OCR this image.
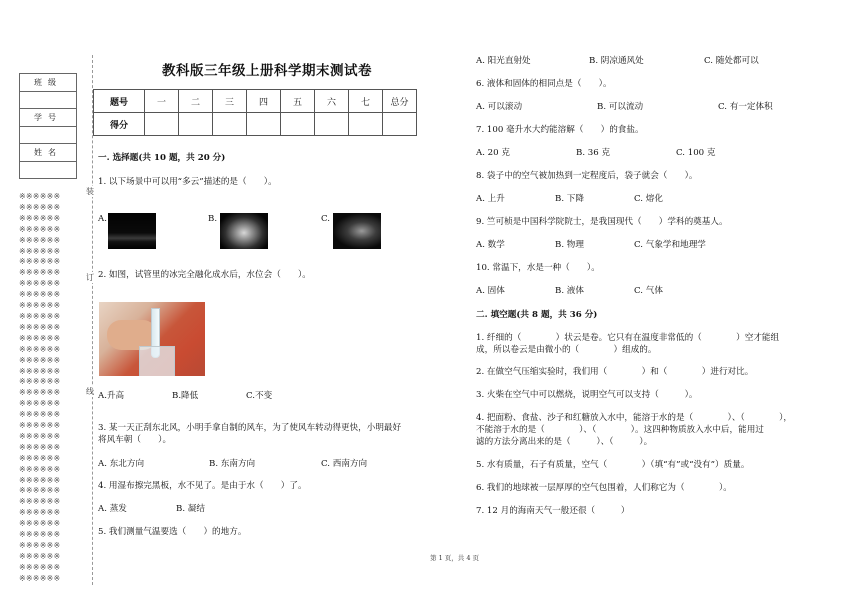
班级

学号

姓名

※※※※※※
※※※※※※
※※※※※※
※※※※※※
※※※※※※
※※※※※※
※※※※※※
※※※※※※
※※※※※※
※※※※※※
※※※※※※
※※※※※※
※※※※※※
※※※※※※
※※※※※※
※※※※※※
※※※※※※
※※※※※※
※※※※※※
※※※※※※
※※※※※※
※※※※※※
※※※※※※
※※※※※※
※※※※※※
※※※※※※
※※※※※※
※※※※※※
※※※※※※
※※※※※※
※※※※※※
※※※※※※
※※※※※※
※※※※※※
※※※※※※
※※※※※※
装
订
线
教科版三年级上册科学期末测试卷
题号	一	二	三	四	五	六	七	总分
得分								
一. 选择题(共 10 题，共 20 分)
1. 以下场景中可以用“多云”描述的是（　　）。
A.	B.	C.
2. 如图，试管里的冰完全融化成水后，水位会（　　）。
A.升高	B.降低	C.不变
3. 某一天正刮东北风，小明手拿自制的风车，为了使风车转动得更快，小明最好
将风车朝（　　）。
A. 东北方向	B. 东南方向	C. 西南方向
4. 用湿布擦完黑板，水不见了。是由于水（　　）了。
A. 蒸发	B. 凝结
5. 我们测量气温要选（　　）的地方。
A. 阳光直射处	B. 阴凉通风处	C. 随处都可以
6. 液体和固体的相同点是（　　）。
A. 可以滚动	B. 可以流动	C. 有一定体积
7. 100 毫升水大约能溶解（　　）的食盐。
A. 20 克	B. 36 克	C. 100 克
8. 袋子中的空气被加热到一定程度后，袋子就会（　　）。
A. 上升	B. 下降	C. 熔化
9. 竺可桢是中国科学院院士，是我国现代（　　）学科的奠基人。
A. 数学	B. 物理	C. 气象学和地理学
10. 常温下，水是一种（　　）。
A. 固体	B. 液体	C. 气体
二. 填空题(共 8 题，共 36 分)
1. 纤细的（　　　　）状云是卷。它只有在温度非常低的（　　　　）空才能组
成，所以卷云是由微小的（　　　　）组成的。
2. 在做空气压缩实验时，我们用（　　　　）和（　　　　）进行对比。
3. 火柴在空气中可以燃烧，说明空气可以支持（　　　）。
4. 把面粉、食盐、沙子和红糖放入水中，能溶于水的是（　　　　）、（　　　　），
不能溶于水的是（　　　　）、（　　　　）。这四种物质放入水中后，能用过
滤的方法分离出来的是（　　　）、（　　　）。
5. 水有质量，石子有质量，空气（　　　　）（填“有”或“没有”）质量。
6. 我们的地球被一层厚厚的空气包围着，人们称它为（　　　　）。
7. 12 月的海南天气一般还很（　　　）
第 1 页，共 4 页
